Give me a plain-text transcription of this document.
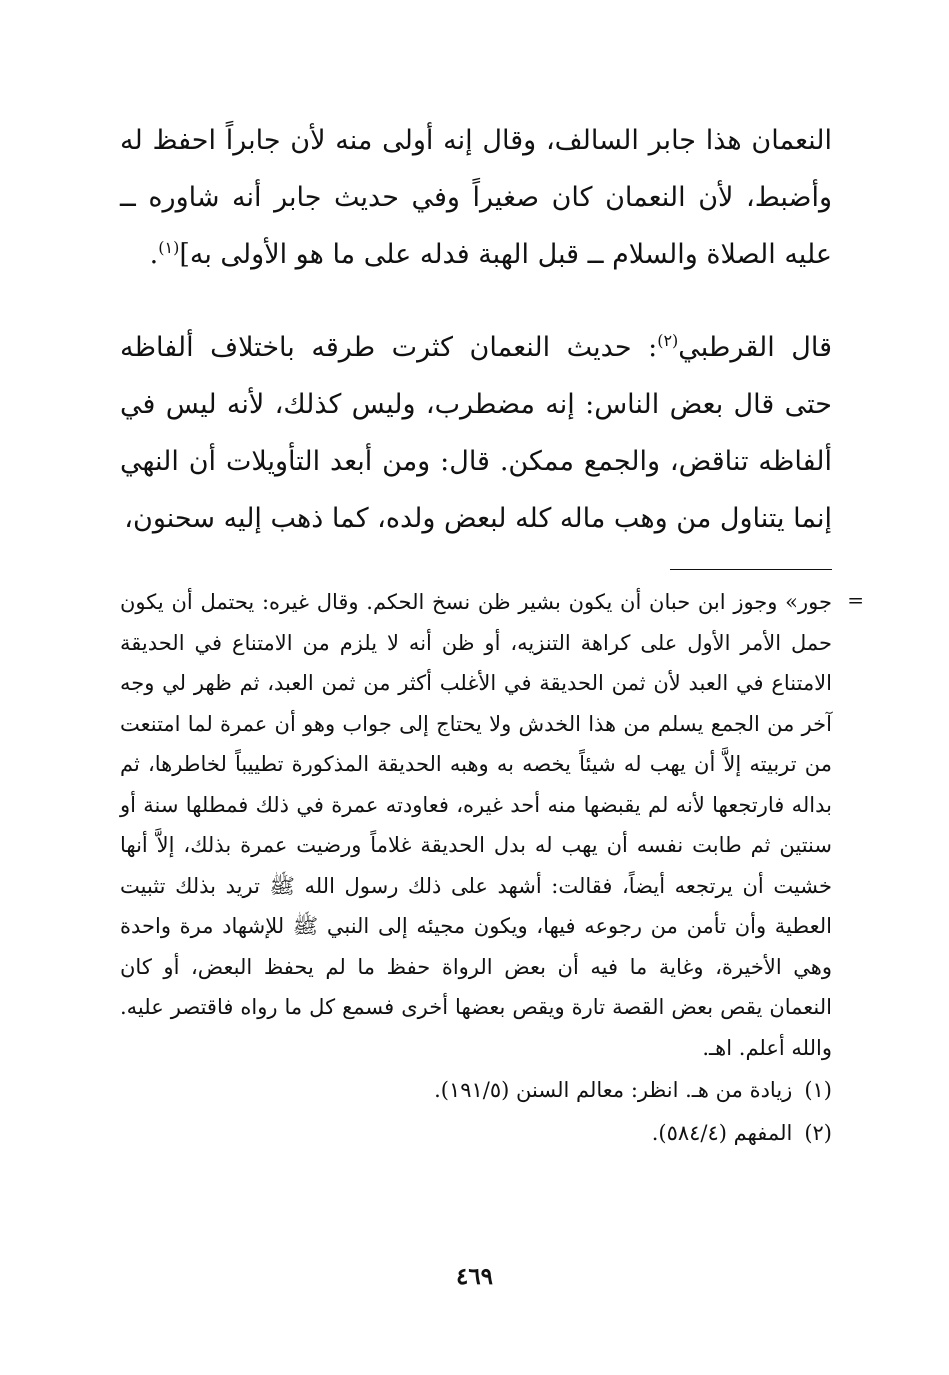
النعمان هذا جابر السالف، وقال إنه أولى منه لأن جابراً احفظ له وأضبط، لأن النعمان كان صغيراً وفي حديث جابر أنه شاوره ــ عليه الصلاة والسلام ــ قبل الهبة فدله على ما هو الأولى به]$^{(١)}$.

قال القرطبي$^{(٢)}$: حديث النعمان كثرت طرقه باختلاف ألفاظه حتى قال بعض الناس: إنه مضطرب، وليس كذلك، لأنه ليس في ألفاظه تناقض، والجمع ممكن. قال: ومن أبعد التأويلات أن النهي إنما يتناول من وهب ماله كله لبعض ولده، كما ذهب إليه سحنون،

=

جور» وجوز ابن حبان أن يكون بشير ظن نسخ الحكم. وقال غيره: يحتمل أن يكون حمل الأمر الأول على كراهة التنزيه، أو ظن أنه لا يلزم من الامتناع في الحديقة الامتناع في العبد لأن ثمن الحديقة في الأغلب أكثر من ثمن العبد، ثم ظهر لي وجه آخر من الجمع يسلم من هذا الخدش ولا يحتاج إلى جواب وهو أن عمرة لما امتنعت من تربيته إلاَّ أن يهب له شيئاً يخصه به وهبه الحديقة المذكورة تطييباً لخاطرها، ثم بداله فارتجعها لأنه لم يقبضها منه أحد غيره، فعاودته عمرة في ذلك فمطلها سنة أو سنتين ثم طابت نفسه أن يهب له بدل الحديقة غلاماً ورضيت عمرة بذلك، إلاَّ أنها خشيت أن يرتجعه أيضاً، فقالت: أشهد على ذلك رسول الله ﷺ تريد بذلك تثبيت العطية وأن تأمن من رجوعه فيها، ويكون مجيئه إلى النبي ﷺ للإشهاد مرة واحدة وهي الأخيرة، وغاية ما فيه أن بعض الرواة حفظ ما لم يحفظ البعض، أو كان النعمان يقص بعض القصة تارة ويقص بعضها أخرى فسمع كل ما رواه فاقتصر عليه. والله أعلم. اهـ.

(١)زيادة من هـ. انظر: معالم السنن (١٩١/٥).

(٢)المفهم (٥٨٤/٤).

٤٦٩
